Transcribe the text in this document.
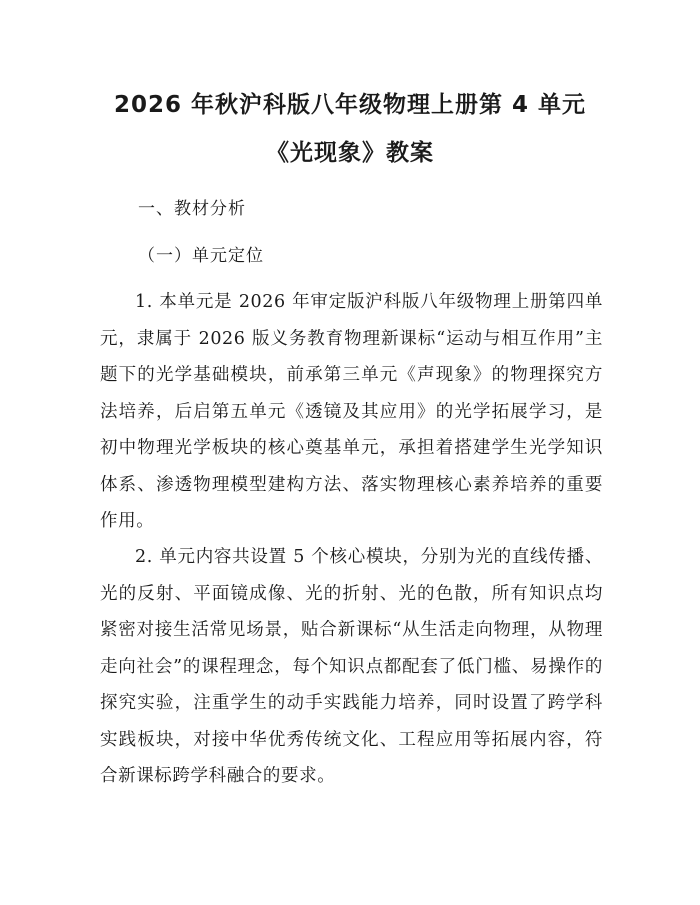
2026 年秋沪科版八年级物理上册第 4 单元
《光现象》教案
一、教材分析
（一）单元定位
1. 本单元是 2026 年审定版沪科版八年级物理上册第四单元，隶属于 2026 版义务教育物理新课标“运动与相互作用”主题下的光学基础模块，前承第三单元《声现象》的物理探究方法培养，后启第五单元《透镜及其应用》的光学拓展学习，是初中物理光学板块的核心奠基单元，承担着搭建学生光学知识体系、渗透物理模型建构方法、落实物理核心素养培养的重要作用。
2. 单元内容共设置 5 个核心模块，分别为光的直线传播、光的反射、平面镜成像、光的折射、光的色散，所有知识点均紧密对接生活常见场景，贴合新课标“从生活走向物理，从物理走向社会”的课程理念，每个知识点都配套了低门槛、易操作的探究实验，注重学生的动手实践能力培养，同时设置了跨学科实践板块，对接中华优秀传统文化、工程应用等拓展内容，符合新课标跨学科融合的要求。
